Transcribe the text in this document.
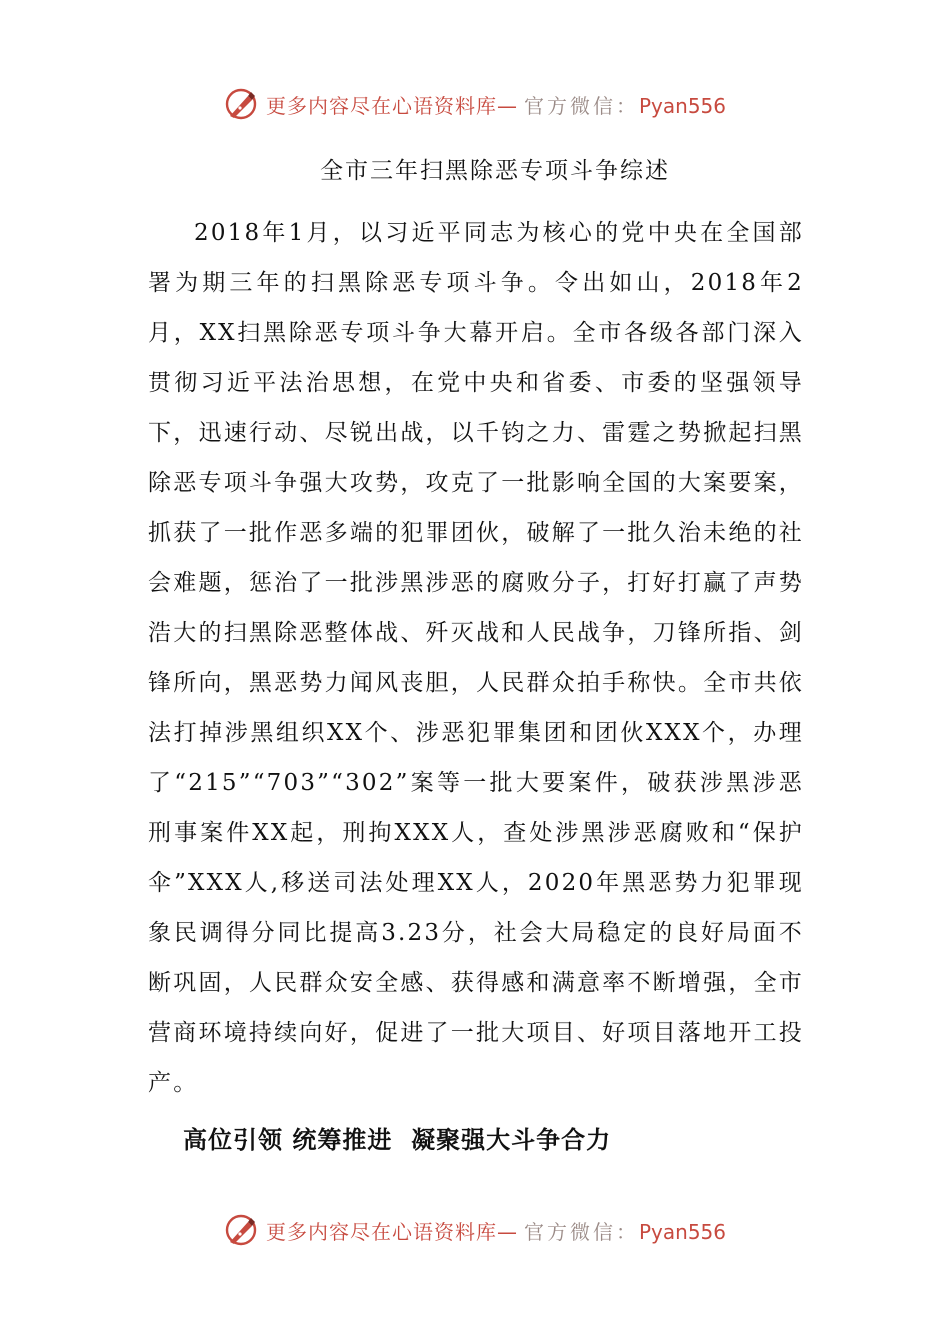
更多内容尽在心语资料库— 官方微信：Pyan556
全市三年扫黑除恶专项斗争综述

2018年1月，以习近平同志为核心的党中央在全国部署为期三年的扫黑除恶专项斗争。令出如山，2018年2月，XX扫黑除恶专项斗争大幕开启。全市各级各部门深入贯彻习近平法治思想，在党中央和省委、市委的坚强领导下，迅速行动、尽锐出战，以千钧之力、雷霆之势掀起扫黑除恶专项斗争强大攻势，攻克了一批影响全国的大案要案，抓获了一批作恶多端的犯罪团伙，破解了一批久治未绝的社会难题，惩治了一批涉黑涉恶的腐败分子，打好打赢了声势浩大的扫黑除恶整体战、歼灭战和人民战争，刀锋所指、剑锋所向，黑恶势力闻风丧胆，人民群众拍手称快。全市共依法打掉涉黑组织XX个、涉恶犯罪集团和团伙XXX个，办理了“215”“703”“302”案等一批大要案件，破获涉黑涉恶刑事案件XX起，刑拘XXX人，查处涉黑涉恶腐败和“保护伞”XXX人,移送司法处理XX人，2020年黑恶势力犯罪现象民调得分同比提高3.23分，社会大局稳定的良好局面不断巩固，人民群众安全感、获得感和满意率不断增强，全市营商环境持续向好，促进了一批大项目、好项目落地开工投产。

高位引领 统筹推进  凝聚强大斗争合力

更多内容尽在心语资料库— 官方微信：Pyan556
